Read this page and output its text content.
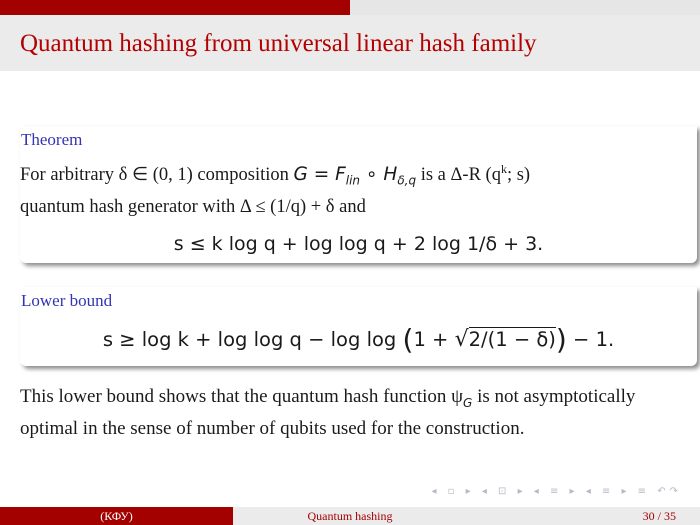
Quantum hashing from universal linear hash family
Theorem
For arbitrary δ ∈ (0, 1) composition $G = F_{lin}$ ∘ $H_{\delta,q}$ is a Δ-R ($q^k$; s)
quantum hash generator with Δ ≤ (1/q) + δ and
s ≤ k log q + log log q + 2 log 1/δ + 3.
Lower bound
s ≥ log k + log log q − log log (1 + √2/(1 − δ)) − 1.
This lower bound shows that the quantum hash function $\psi_G$ is not asymptotically optimal in the sense of number of qubits used for the construction.
◂ ▫ ▸ ◂ ⊡ ▸ ◂ ≡ ▸ ◂ ≡ ▸ ≡ ↶↷
(КФУ)	Quantum hashing	30 / 35
